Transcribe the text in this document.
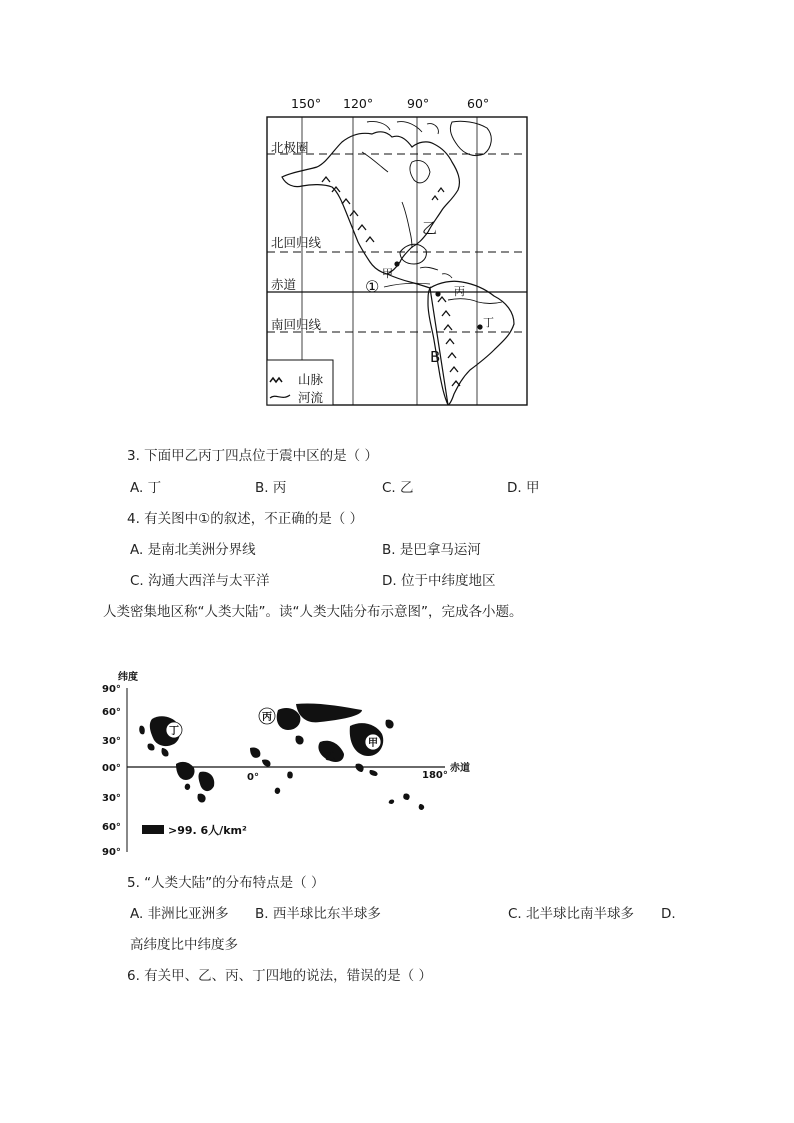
150° 120°	90°	60°
北极圈
北回归线
赤道
南回归线
甲
①
乙
丙
丁
B
山脉
河流
3. 下面甲乙丙丁四点位于震中区的是（ ）
A. 丁	B. 丙	C. 乙	D. 甲
4. 有关图中①的叙述，不正确的是（ ）
A. 是南北美洲分界线	B. 是巴拿马运河
C. 沟通大西洋与太平洋	D. 位于中纬度地区
人类密集地区称“人类大陆”。读“人类大陆分布示意图”，完成各小题。
纬度
90°
60°
30°
00°
30°
60°
90°
0°	180°
赤道
丁
丙
乙
甲
>99. 6人/km²
5. “人类大陆”的分布特点是（ ）
A. 非洲比亚洲多 B. 西半球比东半球多	C. 北半球比南半球多 D.
高纬度比中纬度多
6. 有关甲、乙、丙、丁四地的说法，错误的是（ ）
